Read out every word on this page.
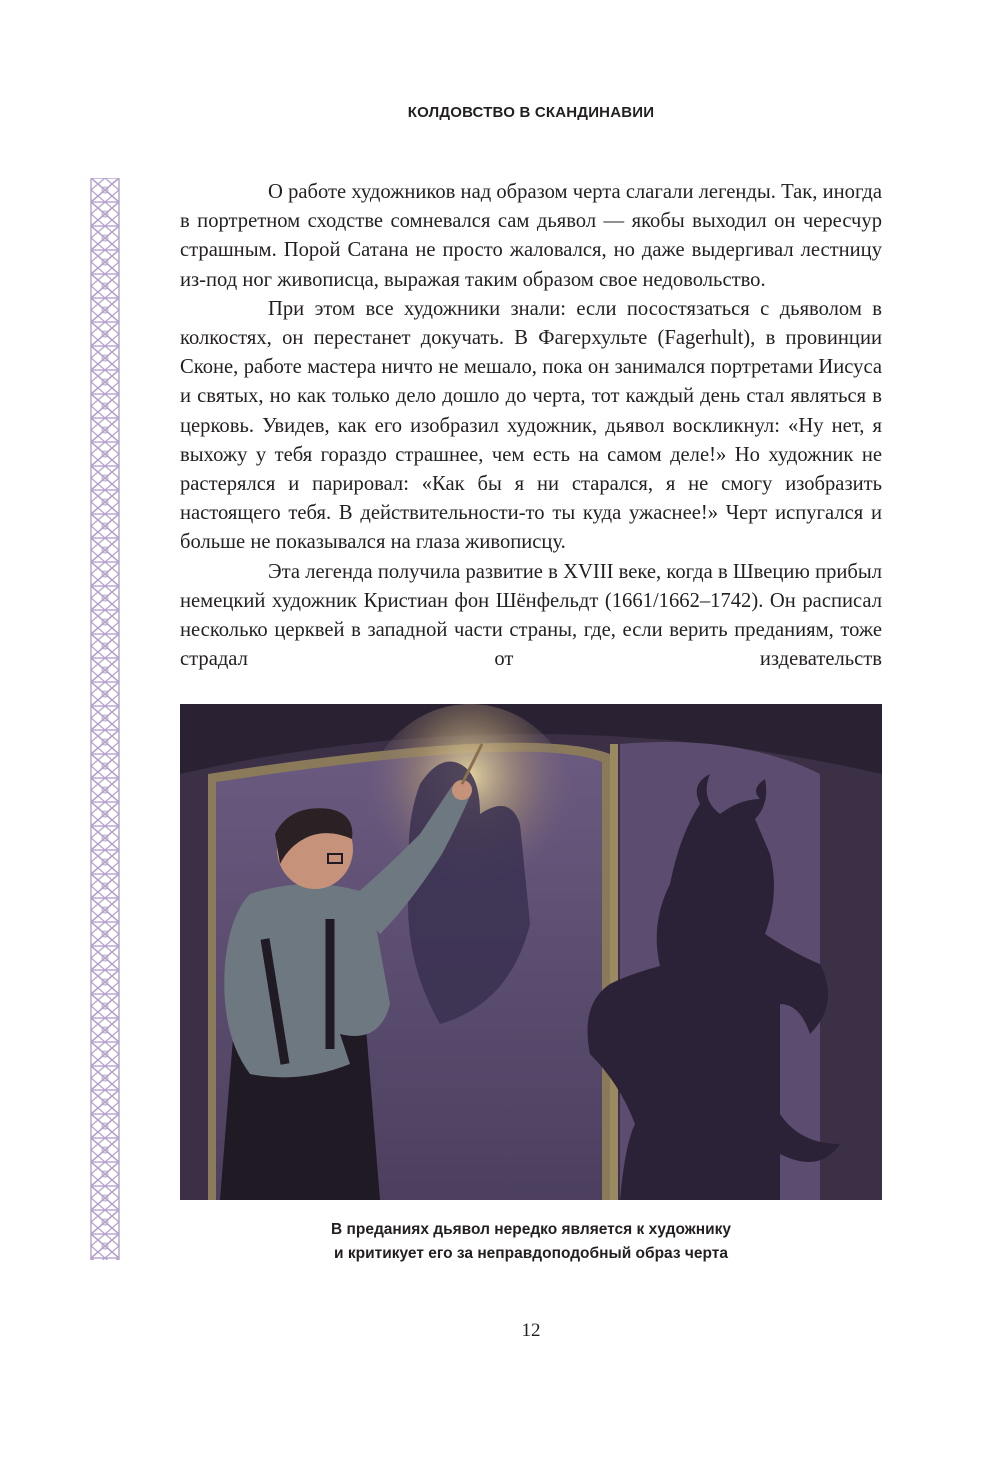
КОЛДОВСТВО В СКАНДИНАВИИ

О работе художников над образом черта слагали легенды. Так, иногда в портретном сходстве сомневался сам дьявол — якобы выходил он чересчур страшным. Порой Сатана не просто жаловался, но даже выдергивал лестницу из-под ног живописца, выражая таким образом свое недовольство.

При этом все художники знали: если посостязаться с дьяволом в колкостях, он перестанет докучать. В Фагерхульте (Fagerhult), в провинции Сконе, работе мастера ничто не мешало, пока он занимался портретами Иисуса и святых, но как только дело дошло до черта, тот каждый день стал являться в церковь. Увидев, как его изобразил художник, дьявол воскликнул: «Ну нет, я выхожу у тебя гораздо страшнее, чем есть на самом деле!» Но художник не растерялся и парировал: «Как бы я ни старался, я не смогу изобразить настоящего тебя. В действительности-то ты куда ужаснее!» Черт испугался и больше не показывался на глаза живописцу.

Эта легенда получила развитие в XVIII веке, когда в Швецию прибыл немецкий художник Кристиан фон Шёнфельдт (1661/1662–1742). Он расписал несколько церквей в западной части страны, где, если верить преданиям, тоже страдал от издевательств

В преданиях дьявол нередко является к художнику
и критикует его за неправдоподобный образ черта
12
